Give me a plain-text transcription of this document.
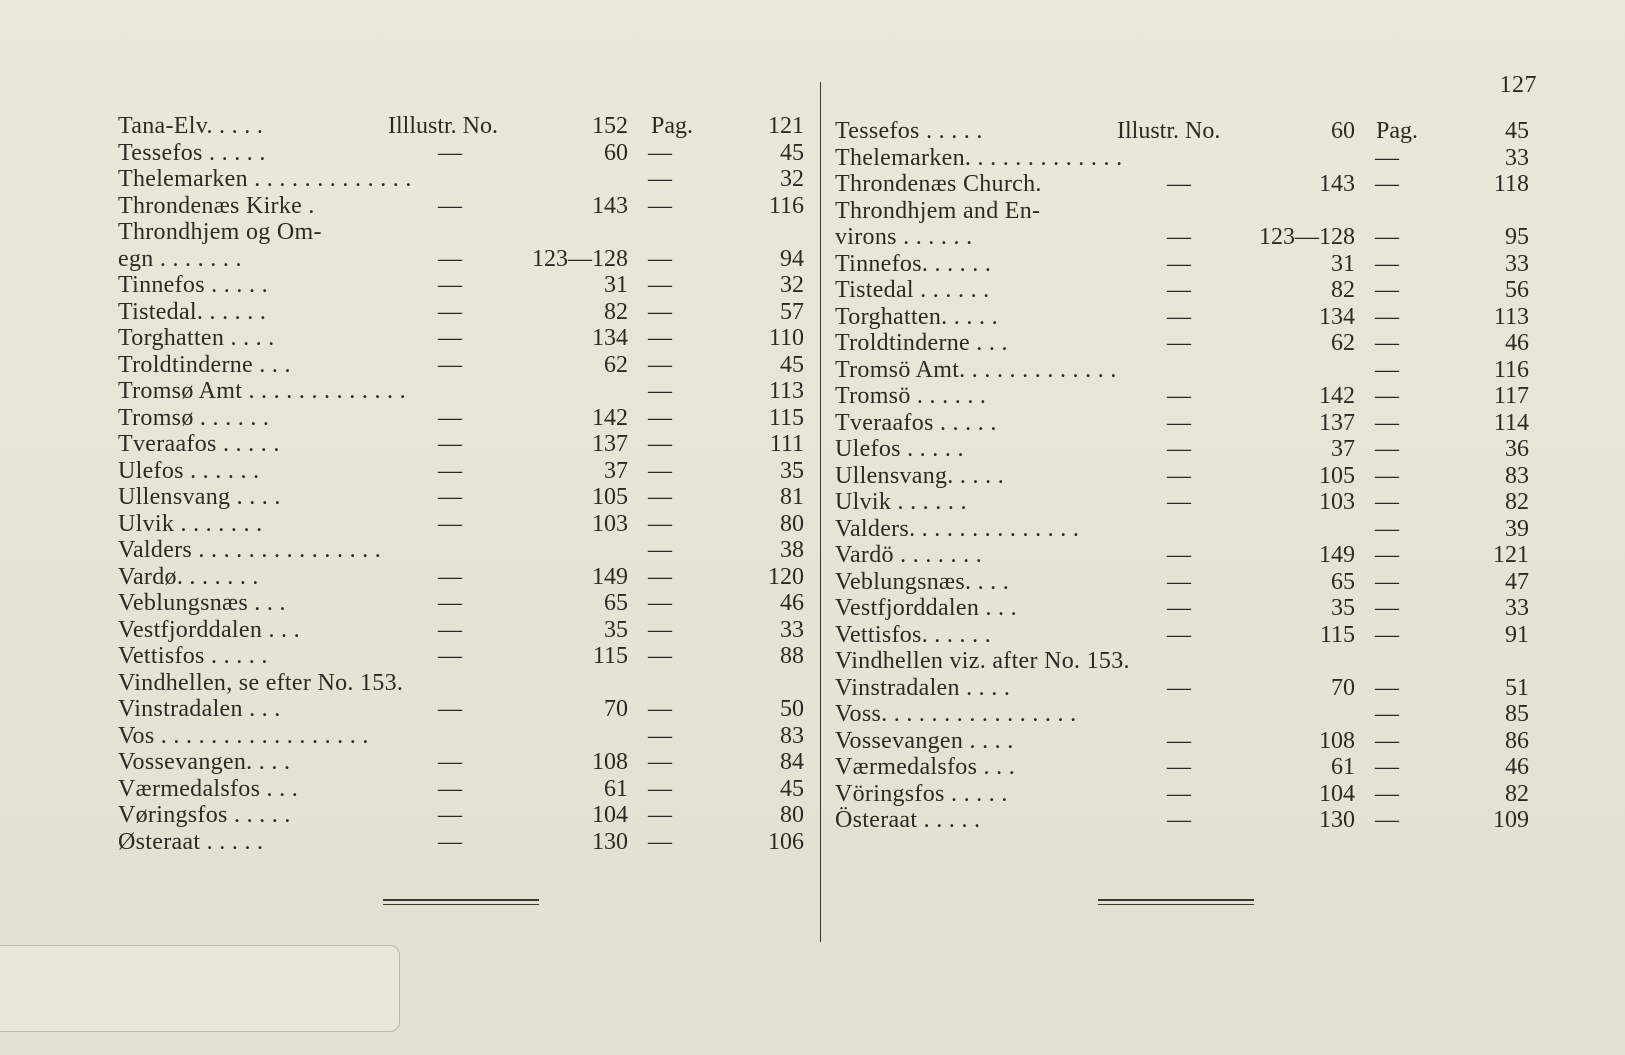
127
Tana-Elv. . . . .	Illlustr. No.	152 Pag.	121
Tessefos . . . . .	—	60 —	45
Thelemarken . . . . . . . . . . . . .	—	32
Throndenæs Kirke .	—	143 —	116
Throndhjem og Om-
egn . . . . . . .	—	123—128 —	94
Tinnefos . . . . .	—	31 —	32
Tistedal. . . . . .	—	82 —	57
Torghatten . . . .	—	134 —	110
Troldtinderne . . .	—	62 —	45
Tromsø Amt . . . . . . . . . . . . .	—	113
Tromsø . . . . . .	—	142 —	115
Tveraafos . . . . .	—	137 —	111
Ulefos . . . . . .	—	37 —	35
Ullensvang . . . .	—	105 —	81
Ulvik . . . . . . .	—	103 —	80
Valders . . . . . . . . . . . . . . .	—	38
Vardø. . . . . . .	—	149 —	120
Veblungsnæs . . .	—	65 —	46
Vestfjorddalen . . .	—	35 —	33
Vettisfos . . . . .	—	115 —	88
Vindhellen, se efter No. 153.
Vinstradalen . . .	—	70 —	50
Vos . . . . . . . . . . . . . . . . .	—	83
Vossevangen. . . .	—	108 —	84
Værmedalsfos . . .	—	61 —	45
Vøringsfos . . . . .	—	104 —	80
Østeraat . . . . .	—	130 —	106
Tessefos . . . . .	Illustr. No.	60 Pag.	45
Thelemarken. . . . . . . . . . . . .	—	33
Throndenæs Church.	—	143 —	118
Throndhjem and En-
virons . . . . . .	—	123—128 —	95
Tinnefos. . . . . .	—	31 —	33
Tistedal . . . . . .	—	82 —	56
Torghatten. . . . .	—	134 —	113
Troldtinderne . . .	—	62 —	46
Tromsö Amt. . . . . . . . . . . . .	—	116
Tromsö . . . . . .	—	142 —	117
Tveraafos . . . . .	—	137 —	114
Ulefos . . . . .	—	37 —	36
Ullensvang. . . . .	—	105 —	83
Ulvik . . . . . .	—	103 —	82
Valders. . . . . . . . . . . . . .	—	39
Vardö . . . . . . .	—	149 —	121
Veblungsnæs. . . .	—	65 —	47
Vestfjorddalen . . .	—	35 —	33
Vettisfos. . . . . .	—	115 —	91
Vindhellen viz. after No. 153.
Vinstradalen . . . .	—	70 —	51
Voss. . . . . . . . . . . . . . . .	—	85
Vossevangen . . . .	—	108 —	86
Værmedalsfos . . .	—	61 —	46
Vöringsfos . . . . .	—	104 —	82
Österaat . . . . .	—	130 —	109
